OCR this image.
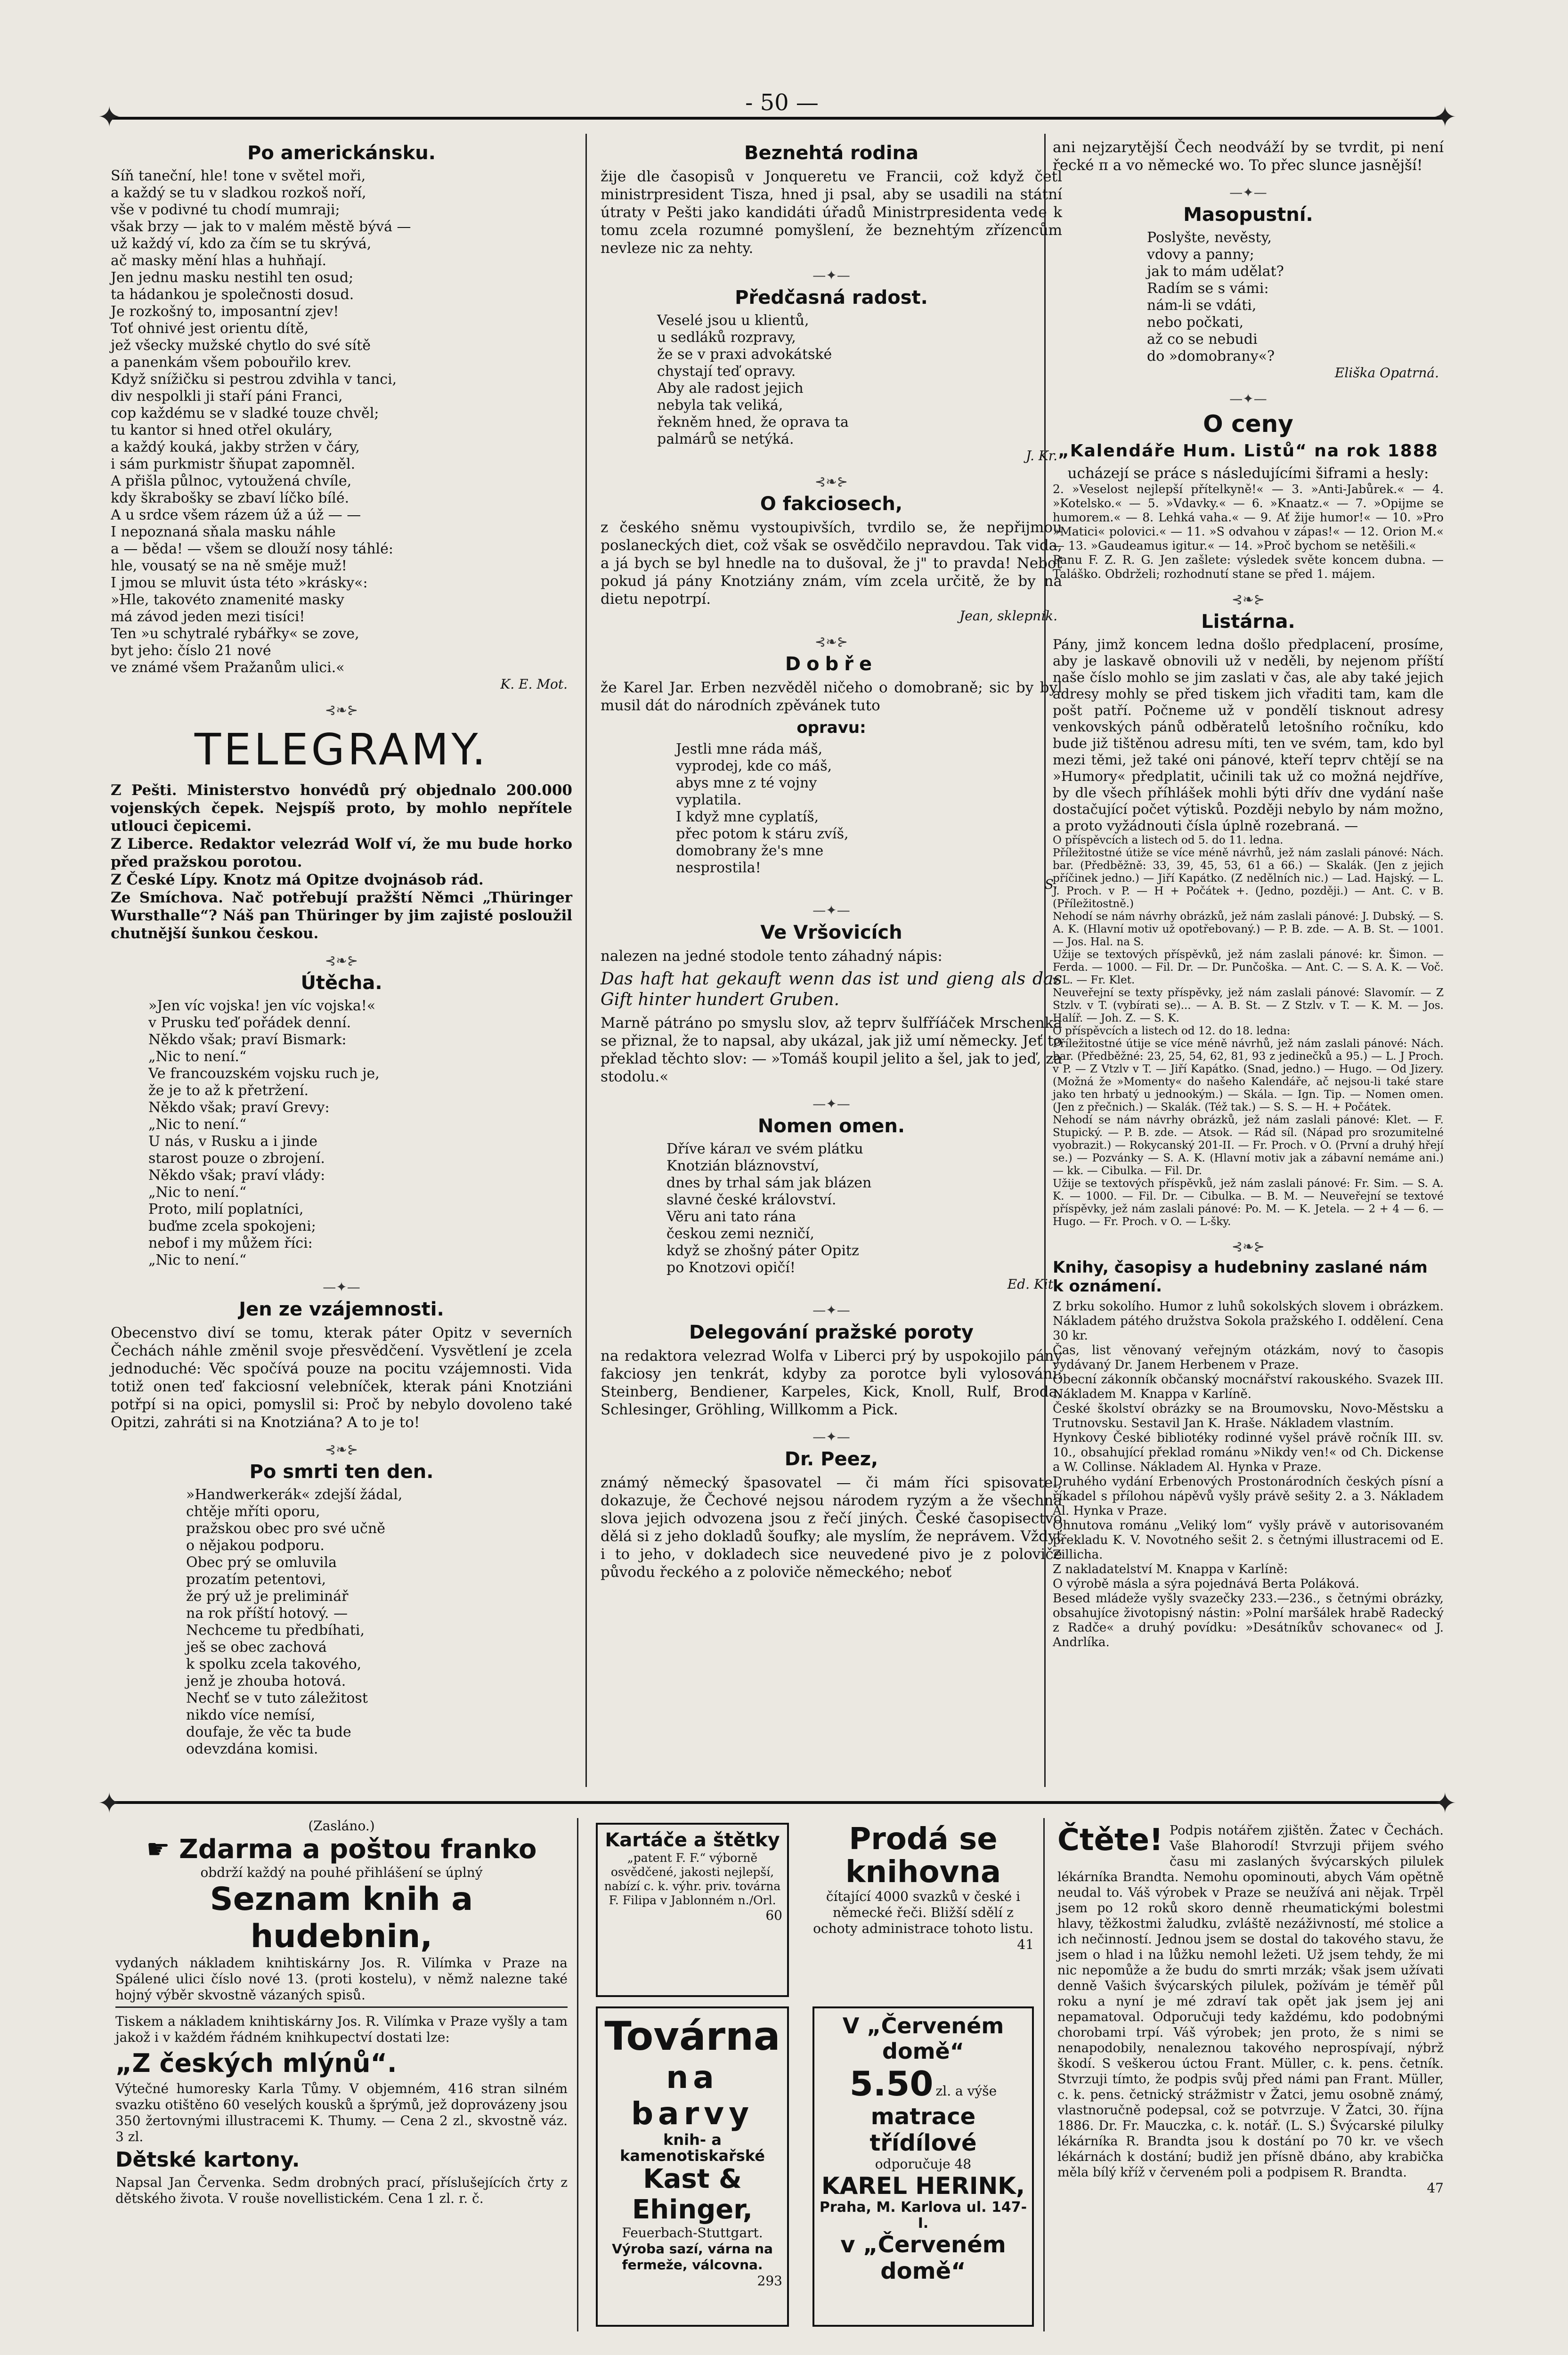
- 50 —
✦	✦
✦	✦
Po americkánsku.
Síň taneční, hle! tone v světel moři,
a každý se tu v sladkou rozkoš noří,
vše v podivné tu chodí mumraji;
však brzy — jak to v malém městě bývá —
už každý ví, kdo za čím se tu skrývá,
ač masky mění hlas a huhňají.
Jen jednu masku nestihl ten osud;
ta hádankou je společnosti dosud.
Je rozkošný to, imposantní zjev!
Toť ohnivé jest orientu dítě,
jež všecky mužské chytlo do své sítě
a panenkám všem pobouřilo krev.
Když snížičku si pestrou zdvihla v tanci,
div nespolkli ji staří páni Franci,
cop každému se v sladké touze chvěl;
tu kantor si hned otřel okuláry,
a každý kouká, jakby stržen v čáry,
i sám purkmistr šňupat zapomněl.
A přišla půlnoc, vytoužená chvíle,
kdy škrabošky se zbaví líčko bílé.
A u srdce všem rázem úž a úž — —
I nepoznaná sňala masku náhle
a — běda! — všem se dlouží nosy táhlé:
hle, vousatý se na ně směje muž!
I jmou se mluvit ústa této »krásky«:
»Hle, takovéto znamenité masky
má závod jeden mezi tisíci!
Ten »u schytralé rybářky« se zove,
byt jeho: číslo 21 nové
ve známé všem Pražanům ulici.«
K. E. Mot.
⊰❧⊱
TELEGRAMY.
Z Pešti. Ministerstvo honvédů prý objednalo 200.000 vojenských čepek. Nejspíš proto, by mohlo nepřítele utlouci čepicemi.
Z Liberce. Redaktor velezrád Wolf ví, že mu bude horko před pražskou porotou.
Z České Lípy. Knotz má Opitze dvojnásob rád.
Ze Smíchova. Nač potřebují pražští Němci „Thüringer Wursthalle“? Náš pan Thüringer by jim zajisté posloužil chutnější šunkou českou.
⊰❧⊱
Útěcha.
»Jen víc vojska! jen víc vojska!«
v Prusku teď pořádek denní.
Někdo však; praví Bismark:
„Nic to není.“
Ve francouzském vojsku ruch je,
že je to až k přetržení.
Někdo však; praví Grevy:
„Nic to není.“
U nás, v Rusku a i jinde
starost pouze o zbrojení.
Někdo však; praví vlády:
„Nic to není.“
Proto, milí poplatníci,
buďme zcela spokojeni;
nebof i my můžem říci:
„Nic to není.“
—✦—
Jen ze vzájemnosti.
Obecenstvo diví se tomu, kterak páter Opitz v severních Čechách náhle změnil svoje přesvědčení. Vysvětlení je zcela jednoduché: Věc spočívá pouze na pocitu vzájemnosti. Vida totiž onen teď fakciosní velebníček, kterak páni Knotziáni potřpí si na opici, pomyslil si: Proč by nebylo dovoleno také Opitzi, zahráti si na Knotziána? A to je to!
⊰❧⊱
Po smrti ten den.
»Handwerkerák« zdejší žádal,
chtěje mříti oporu,
pražskou obec pro své učně
o nějakou podporu.
Obec prý se omluvila
prozatím petentovi,
že prý už je preliminář
na rok příští hotový. —
Nechceme tu předbíhati,
ješ se obec zachová
k spolku zcela takového,
jenž je zhouba hotová.
Nechť se v tuto záležitost
nikdo více nemísí,
doufaje, že věc ta bude
odevzdána komisi.
Beznehtá rodina
žije dle časopisů v Jonqueretu ve Francii, což když četl ministrpresident Tisza, hned ji psal, aby se usadili na státní útraty v Pešti jako kandidáti úřadů Ministrpresidenta vede k tomu zcela rozumné pomyšlení, že beznehtým zřízencům nevleze nic za nehty.
—✦—
Předčasná radost.
Veselé jsou u klientů,
u sedláků rozpravy,
že se v praxi advokátské
chystají teď opravy.
Aby ale radost jejich
nebyla tak veliká,
řekněm hned, že oprava ta
palmárů se netýká.
J. Kr.
⊰❧⊱
O fakciosech,
z českého sněmu vystoupivších, tvrdilo se, že nepřijmou poslaneckých diet, což však se osvědčilo nepravdou. Tak vida, a já bych se byl hnedle na to dušoval, že j" to pravda! Neboť pokud já pány Knotziány znám, vím zcela určitě, že by na dietu nepotrpí.
Jean, sklepník.
⊰❧⊱
Dobře
že Karel Jar. Erben nezvěděl ničeho o domobraně; sic by byl musil dát do národních zpěvánek tuto
opravu:
Jestli mne ráda máš,
vyprodej, kde co máš,
abys mne z té vojny
vyplatila.
I když mne cyplatíš,
přec potom k stáru zvíš,
domobrany že's mne
nesprostila!
S.
—✦—
Ve Vršovicích
nalezen na jedné stodole tento záhadný nápis:
Das haft hat gekauft wenn das ist und gieng als das Gift hinter hundert Gruben.
Marně pátráno po smyslu slov, až teprv šulfříáček Mrschenka se přiznal, že to napsal, aby ukázal, jak již umí německy. Jeť to překlad těchto slov: — »Tomáš koupil jelito a šel, jak to jeď, za stodolu.«
—✦—
Nomen omen.
Dříve kárал ve svém plátku
Knotzián bláznovství,
dnes by trhal sám jak blázen
slavné české království.
Věru ani tato rána
českou zemi nezničí,
když se zhošný páter Opitz
po Knotzovi opičí!
Ed. Kit.
—✦—
Delegování pražské poroty
na redaktora velezrad Wolfa v Liberci prý by uspokojilo pány fakciosy jen tenkrát, kdyby za porotce byli vylosováni: Steinberg, Bendiener, Karpeles, Kick, Knoll, Rulf, Broda, Schlesinger, Gröhling, Willkomm a Pick.
—✦—
Dr. Peez,
známý německý špasovatel — či mám říci spisovatel, dokazuje, že Čechové nejsou národem ryzým a že všechna slova jejich odvozena jsou z řečí jiných. České časopisectvo dělá si z jeho dokladů šoufky; ale myslím, že neprávem. Vždyť i to jeho, v dokladech sice neuvedené pivo je z poloviče původu řeckého a z poloviče německého; neboť
ani nejzarytější Čech neodváží by se tvrdit, pi není řecké π a vo německé wo. To přec slunce jasnější!
—✦—
Masopustní.
Poslyšte, nevěsty,
vdovy a panny;
jak to mám udělat?
Radím se s vámi:
nám-li se vdáti,
nebo počkati,
až co se nebudi
do »domobrany«?
Eliška Opatrná.
—✦—
O ceny
„Kalendáře Hum. Listů“ na rok 1888
ucházejí se práce s následujícími šiframi a hesly:
2. »Veselost nejlepší přítelkyně!« — 3. »Anti-Jabůrek.« — 4. »Kotelsko.« — 5. »Vdavky.« — 6. »Knaatz.« — 7. »Opijme se humorem.« — 8. Lehká vaha.« — 9. Ať žije humor!« — 10. »Pro »Matici« polovici.« — 11. »S odvahou v zápas!« — 12. Orion M.« — 13. »Gaudeamus igitur.« — 14. »Proč bychom se netěšili.«
Panu F. Z. R. G. Jen zašlete: výsledek světe koncem dubna. — Taláško. Obdrželi; rozhodnutí stane se před 1. májem.
⊰❧⊱
Listárna.
Pány, jimž koncem ledna došlo předplacení, prosíme, aby je laskavě obnovili už v neděli, by nejenom příští naše číslo mohlo se jim zaslati v čas, ale aby také jejich adresy mohly se před tiskem jich vřaditi tam, kam dle pošt patří. Počneme už v pondělí tisknout adresy venkovských pánů odběratelů letošního ročníku, kdo bude již tištěnou adresu míti, ten ve svém, tam, kdo byl mezi těmi, jež také oni pánové, kteří teprv chtějí se na »Humory« předplatit, učinili tak už co možná nejdříve, by dle všech příhlášek mohli býti dřív dne vydání naše dostačující počet výtisků. Později nebylo by nám možno, a proto vyžádnouti čísla úplně rozebraná. —
O příspěvcích a listech od 5. do 11. ledna.
Příležitostné útiže se více méně návrhů, jež nám zaslali pánové: Nách. bar. (Předběžně: 33, 39, 45, 53, 61 a 66.) — Skalák. (Jen z jejich příčinek jedno.) — Jiří Kapátko. (Z nedělních nic.) — Lad. Hajský. — L. J. Proch. v P. — H + Počátek +. (Jedno, později.) — Ant. C. v B. (Příležitostně.)
Nehodí se nám návrhy obrázků, jež nám zaslali pánové: J. Dubský. — S. A. K. (Hlavní motiv už opotřebovaný.) — P. B. zde. — A. B. St. — 1001. — Jos. Hal. na S.
Užije se textových příspěvků, jež nám zaslali pánové: kr. Šimon. — Ferda. — 1000. — Fil. Dr. — Dr. Punčoška. — Ant. C. — S. A. K. — Voč. v L. — Fr. Klet.
Neuveřejní se texty příspěvky, jež nám zaslali pánové: Slavomír. — Z Stzlv. v T. (vybírati se)... — A. B. St. — Z Stzlv. v T. — K. M. — Jos. Halíř. — Joh. Z. — S. K.
O příspěvcích a listech od 12. do 18. ledna:
Příležitostné útije se více méně návrhů, jež nám zaslali pánové: Nách. bar. (Předběžné: 23, 25, 54, 62, 81, 93 z jedinečků a 95.) — L. J Proch. v P. — Z Vtzlv v T. — Jiří Kapátko. (Snad, jedno.) — Hugo. — Od Jizery. (Možná že »Momenty« do našeho Kalendáře, ač nejsou-li také stare jako ten hrbatý u jednookým.) — Skála. — Ign. Tip. — Nomen omen. (Jen z přečnich.) — Skalák. (Též tak.) — S. S. — H. + Počátek.
Nehodí se nám návrhy obrázků, jež nám zaslali pánové: Klet. — F. Stupický. — P. B. zde. — Atsok. — Rád síl. (Nápad pro srozumitelné vyobrazit.) — Rokycanský 201-II. — Fr. Proch. v O. (První a druhý hřejí se.) — Pozvánky — S. A. K. (Hlavní motiv jak a zábavní nemáme ani.) — kk. — Cibulka. — Fil. Dr.
Užije se textových příspěvků, jež nám zaslali pánové: Fr. Sim. — S. A. K. — 1000. — Fil. Dr. — Cibulka. — B. M. — Neuveřejní se textové příspěvky, jež nám zaslali pánové: Po. M. — K. Jetela. — 2 + 4 — 6. — Hugo. — Fr. Proch. v O. — L-šky.
⊰❧⊱
Knihy, časopisy a hudebniny zaslané nám k oznámení.
Z brku sokolího. Humor z luhů sokolských slovem i obrázkem. Nákladem pátého družstva Sokola pražského I. oddělení. Cena 30 kr.
Čas, list věnovaný veřejným otázkám, nový to časopis vydávaný Dr. Janem Herbenem v Praze.
Obecní zákonník občanský mocnářství rakouského. Svazek III. Nákladem M. Knappa v Karlíně.
České školství obrázky se na Broumovsku, Novo-Městsku a Trutnovsku. Sestavil Jan K. Hraše. Nákladem vlastním.
Hynkovy České bibliotéky rodinné vyšel právě ročník III. sv. 10., obsahující překlad románu »Nikdy ven!« od Ch. Dickense a W. Collinse. Nákladem Al. Hynka v Praze.
Druhého vydání Erbenových Prostonárodních českých písní a říkadel s přílohou nápěvů vyšly právě sešity 2. a 3. Nákladem Al. Hynka v Praze.
Ohnutova románu „Veliký lom“ vyšly právě v autorisovaném překladu K. V. Novotného sešit 2. s četnými illustracemi od E. Zillicha.
Z nakladatelství M. Knappa v Karlíně:
O výrobě másla a sýra pojednává Berta Poláková.
Besed mládeže vyšly svazečky 233.—236., s četnými obrázky, obsahujíce životopisný nástin: »Polní maršálek hrabě Radecký z Radče« a druhý povídku: »Desátníkův schovanec« od J. Andrlíka.
(Zasláno.)
☛ Zdarma a poštou franko
obdrží každý na pouhé přihlášení se úplný
Seznam knih a hudebnin,
vydaných nákladem knihtiskárny Jos. R. Vilímka v Praze na Spálené ulici číslo nové 13. (proti kostelu), v němž nalezne také hojný výběr skvostně vázaných spisů.
Tiskem a nákladem knihtiskárny Jos. R. Vilímka v Praze vyšly a tam jakož i v každém řádném knihkupectví dostati lze:
„Z českých mlýnů“.
Výtečné humoresky Karla Tůmy. V objemném, 416 stran silném svazku otištěno 60 veselých kousků a šprýmů, jež doprovázeny jsou 350 žertovnými illustracemi K. Thumy. — Cena 2 zl., skvostně váz. 3 zl.
Dětské kartony.
Napsal Jan Červenka. Sedm drobných prací, příslušejících črty z dětského života. V rouše novellistickém. Cena 1 zl. r. č.
Kartáče a štětky
„patent F. F.“ výborně osvědčené, jakosti nejlepší, nabízí c. k. výhr. priv. továrna F. Filipa v Jablonném n./Orl.
60
Továrna
na barvy
knih- a kamenotiskařské
Kast & Ehinger,
Feuerbach-Stuttgart.
Výroba sazí, várna na fermeže, válcovna.
293
Prodá se knihovna
čítající 4000 svazků v české i německé řeči. Bližší sdělí z ochoty administrace tohoto listu.
41
V „Červeném domě“
5.50 zl. a výše
matrace třídílové
odporučuje 48
KAREL HERINK,
Praha, M. Karlova ul. 147-I.
v „Červeném domě“
Čtěte! Podpis notářem zjištěn. Žatec v Čechách. Vaše Blahorodí! Stvrzuji přijem svého času mi zaslaných švýcarských pilulek lékárníka Brandta. Nemohu opominouti, abych Vám opětně neudal to. Váš výrobek v Praze se neužívá ani nějak. Trpěl jsem po 12 roků skoro denně rheumatickými bolestmi hlavy, těžkostmi žaludku, zvláště nezáživností, mé stolice a ich nečinností. Jednou jsem se dostal do takového stavu, že jsem o hlad i na lůžku nemohl ležeti. Už jsem tehdy, že mi nic nepomůže a že budu do smrti mrzák; však jsem užívati denně Vašich švýcarských pilulek, požívám je téměř půl roku a nyní je mé zdraví tak opět jak jsem jej ani nepamatoval. Odporučuji tedy každému, kdo podobnými chorobami trpí. Váš výrobek; jen proto, že s nimi se nenapodobily, nenaleznou takového neprospívají, nýbrž škodí. S veškerou úctou Frant. Müller, c. k. pens. četník. Stvrzuji tímto, že podpis svůj před námi pan Frant. Müller, c. k. pens. četnický strážmistr v Žatci, jemu osobně známý, vlastnoručně podepsal, což se potvrzuje. V Žatci, 30. října 1886. Dr. Fr. Mauczka, c. k. notář. (L. S.) Švýcarské pilulky lékárníka R. Brandta jsou k dostání po 70 kr. ve všech lékárnách k dostání; budiž jen přísně dbáno, aby krabička měla bílý kříž v červeném poli a podpisem R. Brandta.
47
